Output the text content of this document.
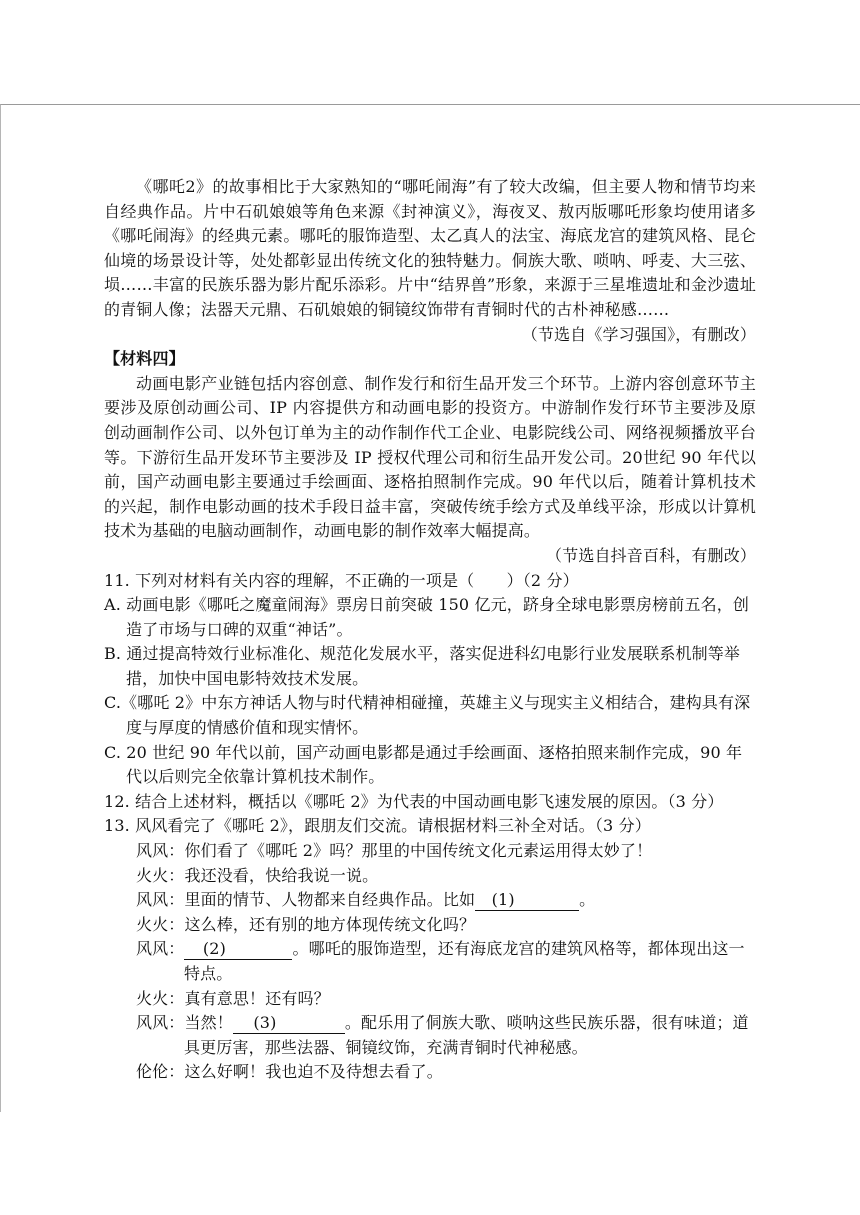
《哪吒2》的故事相比于大家熟知的“哪吒闹海”有了较大改编，但主要人物和情节均来自经典作品。片中石矶娘娘等角色来源《封神演义》，海夜叉、敖丙版哪吒形象均使用诸多《哪吒闹海》的经典元素。哪吒的服饰造型、太乙真人的法宝、海底龙宫的建筑风格、昆仑仙境的场景设计等，处处都彰显出传统文化的独特魅力。侗族大歌、唢呐、呼麦、大三弦、埙……丰富的民族乐器为影片配乐添彩。片中“结界兽”形象，来源于三星堆遗址和金沙遗址的青铜人像；法器天元鼎、石矶娘娘的铜镜纹饰带有青铜时代的古朴神秘感……

（节选自《学习强国》，有删改）

【材料四】

动画电影产业链包括内容创意、制作发行和衍生品开发三个环节。上游内容创意环节主要涉及原创动画公司、IP 内容提供方和动画电影的投资方。中游制作发行环节主要涉及原创动画制作公司、以外包订单为主的动作制作代工企业、电影院线公司、网络视频播放平台等。下游衍生品开发环节主要涉及 IP 授权代理公司和衍生品开发公司。20世纪 90 年代以前，国产动画电影主要通过手绘画面、逐格拍照制作完成。90 年代以后，随着计算机技术的兴起，制作电影动画的技术手段日益丰富，突破传统手绘方式及单线平涂，形成以计算机技术为基础的电脑动画制作，动画电影的制作效率大幅提高。

（节选自抖音百科，有删改）

11. 下列对材料有关内容的理解，不正确的一项是（　　）（2 分）

A. 动画电影《哪吒之魔童闹海》票房日前突破 150 亿元，跻身全球电影票房榜前五名，创造了市场与口碑的双重“神话”。

B. 通过提高特效行业标准化、规范化发展水平，落实促进科幻电影行业发展联系机制等举措，加快中国电影特效技术发展。

C.《哪吒 2》中东方神话人物与时代精神相碰撞，英雄主义与现实主义相结合，建构具有深度与厚度的情感价值和现实情怀。

C. 20 世纪 90 年代以前，国产动画电影都是通过手绘画面、逐格拍照来制作完成，90 年代以后则完全依靠计算机技术制作。

12. 结合上述材料，概括以《哪吒 2》为代表的中国动画电影飞速发展的原因。（3 分）

13. 风风看完了《哪吒 2》，跟朋友们交流。请根据材料三补全对话。（3 分）

风风：你们看了《哪吒 2》吗？那里的中国传统文化元素运用得太妙了！

火火：我还没看，快给我说一说。

风风：里面的情节、人物都来自经典作品。比如 (1)	。

火火：这么棒，还有别的地方体现传统文化吗？

风风： (2)	。哪吒的服饰造型，还有海底龙宫的建筑风格等，都体现出这一特点。

火火：真有意思！还有吗？

风风：当然！ (3)	。配乐用了侗族大歌、唢呐这些民族乐器，很有味道；道具更厉害，那些法器、铜镜纹饰，充满青铜时代神秘感。

伦伦：这么好啊！我也迫不及待想去看了。
